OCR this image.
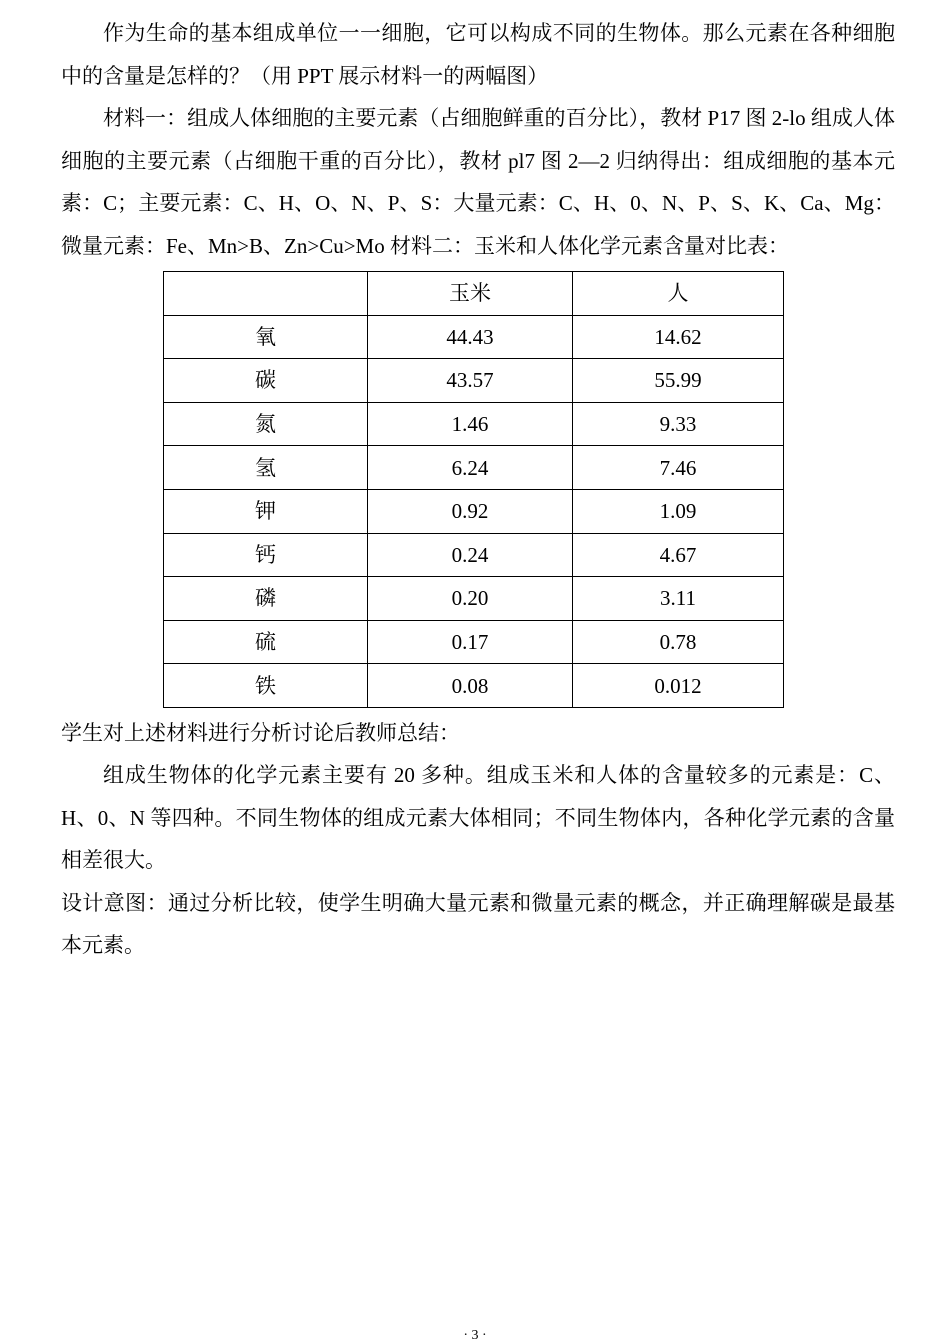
作为生命的基本组成单位一一细胞，它可以构成不同的生物体。那么元素在各种细胞中的含量是怎样的？（用 PPT 展示材料一的两幅图）

材料一：组成人体细胞的主要元素（占细胞鲜重的百分比），教材 P17 图 2-lo 组成人体细胞的主要元素（占细胞干重的百分比），教材 pl7 图 2—2 归纳得出：组成细胞的基本元素：C；主要元素：C、H、O、N、P、S：大量元素：C、H、0、N、P、S、K、Ca、Mg：微量元素：Fe、Mn>B、Zn>Cu>Mo 材料二：玉米和人体化学元素含量对比表：

	玉米	人
氧	44.43	14.62
碳	43.57	55.99
氮	1.46	9.33
氢	6.24	7.46
钾	0.92	1.09
钙	0.24	4.67
磷	0.20	3.11
硫	0.17	0.78
铁	0.08	0.012

学生对上述材料进行分析讨论后教师总结：

组成生物体的化学元素主要有 20 多种。组成玉米和人体的含量较多的元素是：C、H、0、N 等四种。不同生物体的组成元素大体相同；不同生物体内，各种化学元素的含量相差很大。

设计意图：通过分析比较，使学生明确大量元素和微量元素的概念，并正确理解碳是最基本元素。

· 3 ·
